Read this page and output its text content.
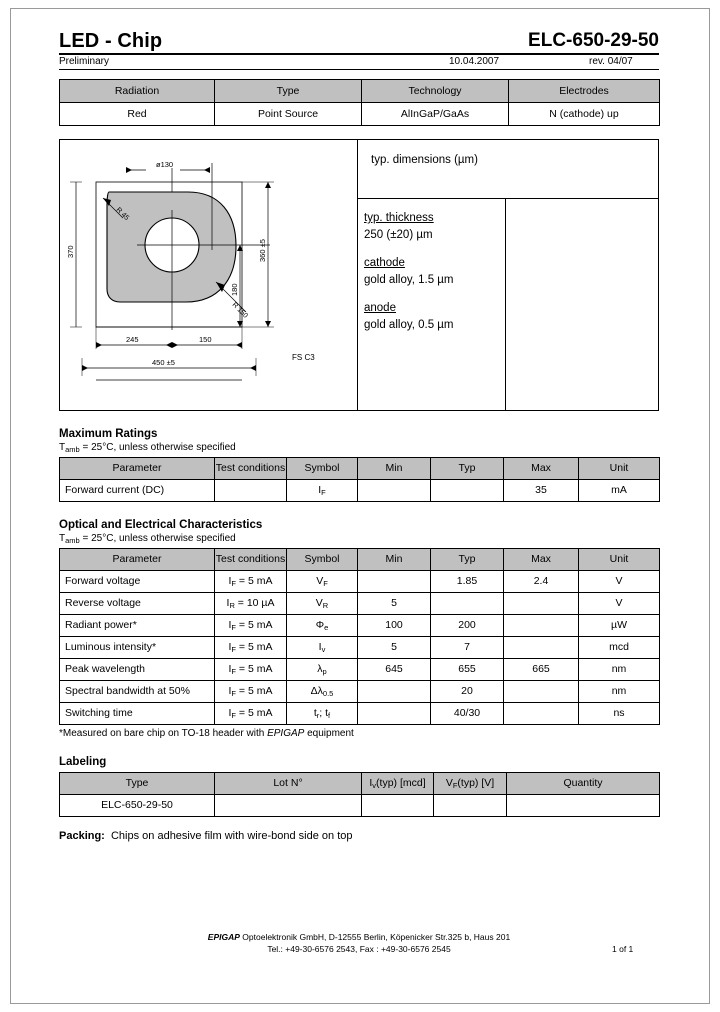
LED - Chip	ELC-650-29-50
Preliminary	10.04.2007	rev. 04/07
Radiation	Type	Technology	Electrodes
Red	Point Source	AlInGaP/GaAs	N (cathode) up
ø130
R 45
R 150
370	360 ±5
180
245	150
450 ±5
FS C3
typ. dimensions (µm)
typ. thickness
250 (±20) µm
cathode
gold alloy, 1.5 µm
anode
gold alloy, 0.5 µm
Maximum Ratings
$T_{amb} = 25^\circ C$, unless otherwise specified
Parameter	Test conditions	Symbol	Min	Typ	Max	Unit
Forward current (DC)		$I_F$			35	mA
Optical and Electrical Characteristics
$T_{amb} = 25^\circ C$, unless otherwise specified
Parameter	Test conditions	Symbol	Min	Typ	Max	Unit
Forward voltage	$I_F = 5$ mA	$V_F$		1.85	2.4	V
Reverse voltage	$I_R = 10$ µA	$V_R$	5			V
Radiant power*	$I_F = 5$ mA	$\Phi_e$	100	200		µW
Luminous intensity*	$I_F = 5$ mA	$I_v$	5	7		mcd
Peak wavelength	$I_F = 5$ mA	$\lambda_p$	645	655	665	nm
Spectral bandwidth at 50%	$I_F = 5$ mA	$\Delta\lambda_{0.5}$		20		nm
Switching time	$I_F = 5$ mA	$t_r$; $t_f$		40/30		ns
*Measured on bare chip on TO-18 header with EPIGAP equipment
Labeling
Type	Lot N°	$I_v(typ)$ [mcd]	$V_F(typ)$ [V]	Quantity
ELC-650-29-50				
Packing: Chips on adhesive film with wire-bond side on top
EPIGAP Optoelektronik GmbH, D-12555 Berlin, Köpenicker Str.325 b, Haus 201
Tel.: +49-30-6576 2543, Fax : +49-30-6576 2545	1 of 1
